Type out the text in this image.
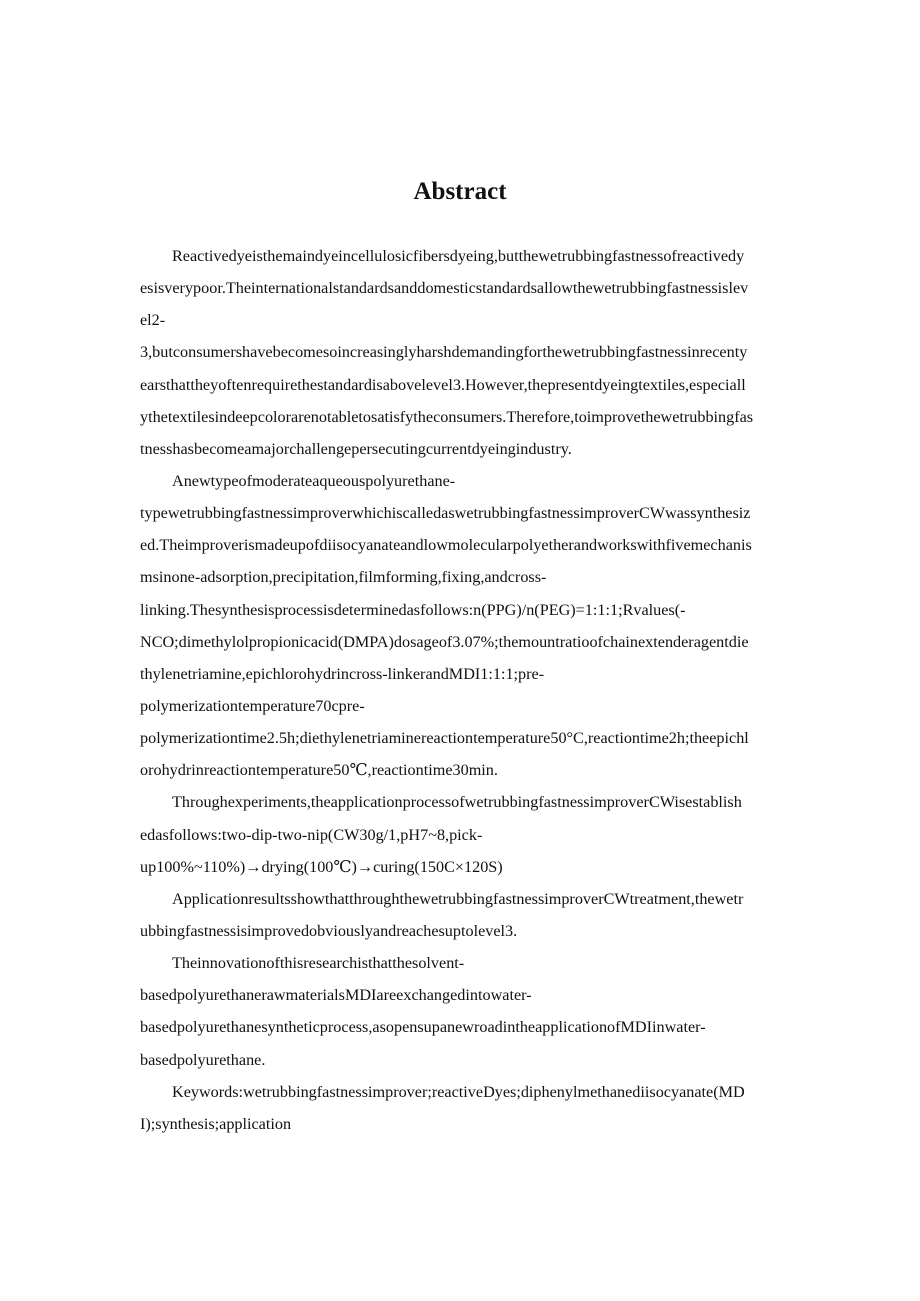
Abstract
Reactivedyeisthemaindyeincellulosicfibersdyeing,butthewetrubbingfastnessofreactivedy
esisverypoor.Theinternationalstandardsanddomesticstandardsallowthewetrubbingfastnessislev
el2-
3,butconsumershavebecomesoincreasinglyharshdemandingforthewetrubbingfastnessinrecenty
earsthattheyoftenrequirethestandardisabovelevel3.However,thepresentdyeingtextiles,especiall
ythetextilesindeepcolorarenotabletosatisfytheconsumers.Therefore,toimprovethewetrubbingfas
tnesshasbecomeamajorchallengepersecutingcurrentdyeingindustry.
Anewtypeofmoderateaqueouspolyurethane-
typewetrubbingfastnessimproverwhichiscalledaswetrubbingfastnessimproverCWwassynthesiz
ed.Theimproverismadeupofdiisocyanateandlowmolecularpolyetherandworkswithfivemechanis
msinone-adsorption,precipitation,filmforming,fixing,andcross-
linking.Thesynthesisprocessisdeterminedasfollows:n(PPG)/n(PEG)=1:1:1;Rvalues(-
NCO;dimethylolpropionicacid(DMPA)dosageof3.07%;themountratioofchainextenderagentdie
thylenetriamine,epichlorohydrincross-linkerandMDI1:1:1;pre-
polymerizationtemperature70cpre-
polymerizationtime2.5h;diethylenetriaminereactiontemperature50°C,reactiontime2h;theepichl
orohydrinreactiontemperature50℃,reactiontime30min.
Throughexperiments,theapplicationprocessofwetrubbingfastnessimproverCWisestablish
edasfollows:two-dip-two-nip(CW30g/1,pH7~8,pick-
up100%~110%)→drying(100℃)→curing(150C×120S)
ApplicationresultsshowthatthroughthewetrubbingfastnessimproverCWtreatment,thewetr
ubbingfastnessisimprovedobviouslyandreachesuptolevel3.
Theinnovationofthisresearchisthatthesolvent-
basedpolyurethanerawmaterialsMDIareexchangedintowater-
basedpolyurethanesyntheticprocess,asopensupanewroadintheapplicationofMDIinwater-
basedpolyurethane.
Keywords:wetrubbingfastnessimprover;reactiveDyes;diphenylmethanediisocyanate(MD
I);synthesis;application
